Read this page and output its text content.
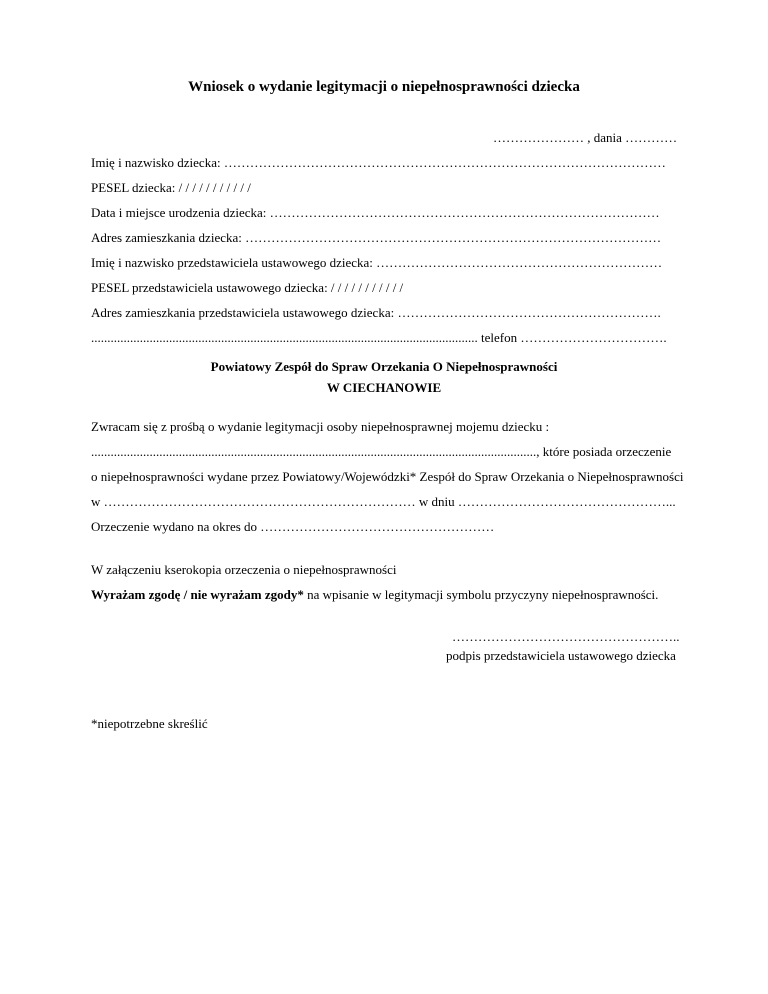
Wniosek o wydanie legitymacji o niepełnosprawności dziecka
………………… , dania …………
Imię i nazwisko dziecka: …………………………………………………………………………………………
PESEL dziecka: / / / / / / / / / / /
Data i miejsce urodzenia dziecka: ………………………………………………………………………………
Adres zamieszkania dziecka: ……………………………………………………………………………………
Imię i nazwisko przedstawiciela ustawowego dziecka: …………………………………………………………
PESEL przedstawiciela ustawowego dziecka: / / / / / / / / / / /
Adres zamieszkania przedstawiciela ustawowego dziecka: …………………………………………………….
....................................................................................................................... telefon …………………………….
Powiatowy Zespół do Spraw Orzekania O Niepełnosprawności
W CIECHANOWIE
Zwracam się z prośbą o wydanie legitymacji osoby niepełnosprawnej mojemu dziecku :
........................................................................................................................................., które posiada orzeczenie
o niepełnosprawności wydane przez Powiatowy/Wojewódzki* Zespół do Spraw Orzekania o Niepełnosprawności
w ……………………………………………………………… w dniu …………………………………………...
Orzeczenie wydano na okres do ………………………………………………
W załączeniu kserokopia orzeczenia o niepełnosprawności
Wyrażam zgodę / nie wyrażam zgody* na wpisanie w legitymacji symbolu przyczyny niepełnosprawności.
……………………………………………..
podpis przedstawiciela ustawowego dziecka
*niepotrzebne skreślić
